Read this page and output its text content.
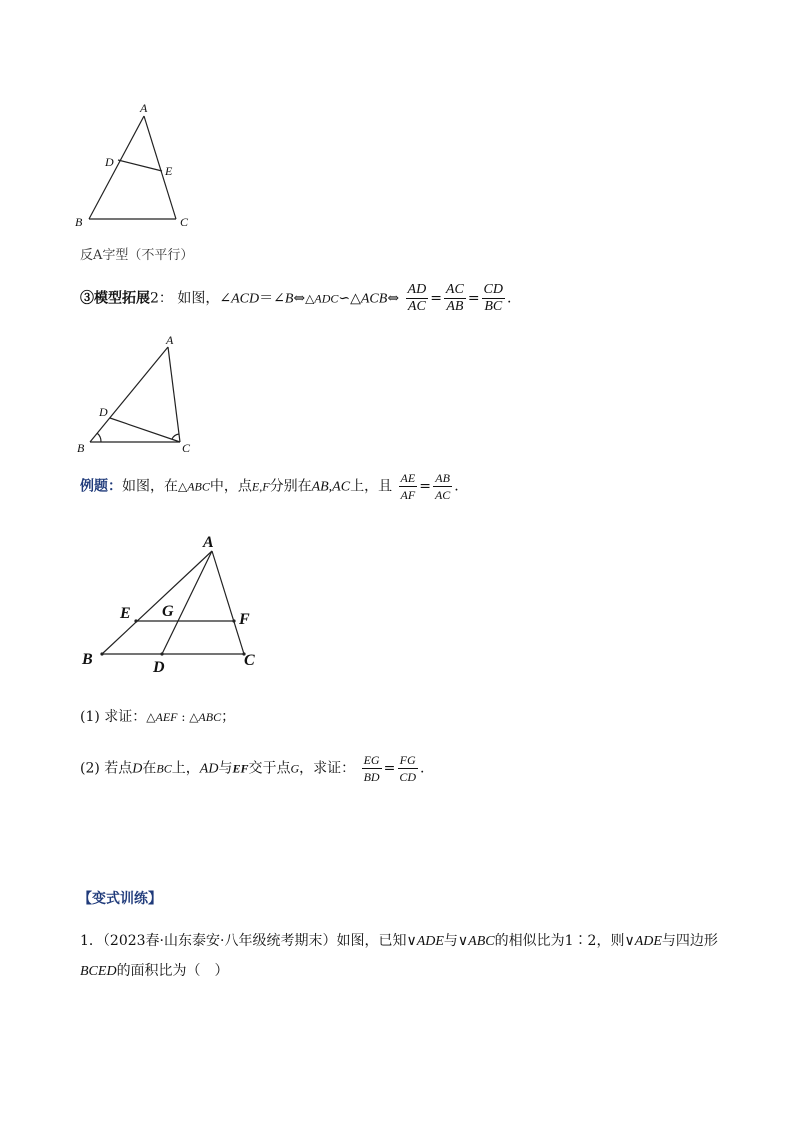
A
D
E
B	C
A
D
B	C
A
E G	F
B	D	C
反A字型（不平行）
③模型拓展2： 如图，∠ACD＝∠B⇔△ADC∽△ACB⇔ $\frac{AD}{AC} = \frac{AC}{AB} = \frac{CD}{BC}$ .
例题：如图，在△ABC中，点E,F分别在AB,AC上，且 $\frac{AE}{AF} = \frac{AB}{AC}$ .
(1) 求证：△AEF : △ABC；
(2) 若点D在BC上，AD与EF交于点G，求证： $\frac{EG}{BD} = \frac{FG}{CD}$ .
【变式训练】
1．（2023春·山东泰安·八年级统考期末）如图，已知∨ADE与∨ABC的相似比为1∶2，则∨ADE与四边形
BCED的面积比为（　）
